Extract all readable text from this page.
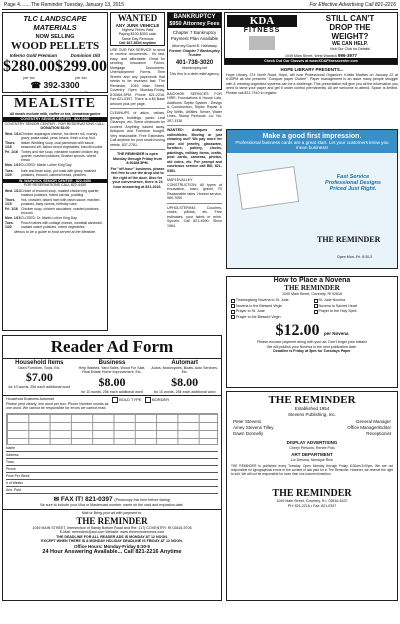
Page 4........The Reminder Tuesday, January 13, 2015	For Effective Advertising Call 821-2216
TLC LANDSCAPE MATERIALS
NOW SELLING
WOOD PELLETS
Inferno Gold Premium	Dominion Old
$280.00 $299.00
per ton	per ton
☎ 392-3300
309 Mishnock Road, West Greenwich, RI
WANTED
ANY JUNK VEHICLE
Highest Prices Paid
Paying $100-$300 cash
Same Day Removal
Call 487-8694 anytime
BANKRUPTCY
$950 Attorney Fees
Chapter 7 Bankruptcy
Payment Plan Available
Attorney David B. Hathaway
Former Chapter 7 Bankruptcy Trustee
401-738-3020
ribankruptcy.net
This firm is a debt relief agency.
KDA
FITNESS
STILL CAN'T
DROP THE
WEIGHT?
WE CAN HELP.
Visit Our Club for Details!
1049 Main Street, West Warwick 996-3977
Check Out Our Classes at www.KDAFitnesscenter.com
MEALSITE
All meals include milk, coffee or tea, bread/margarine
COVENTRY SENIOR CENTER - 822-9160
COVENTRY SENIOR CENTER - FOR RESERVATIONS CALL:
DONATION $3.00
Wed. 1/14 Chicken asparagus cheese, hot dinner roll, country gravy, pasta salad, peas, beans, fresh cut up fruit.
Thurs. 1/15
Italian Wedding soup, oval parmesan with sauce, seasoned ziti, Italian mixed vegetables, biscotti cookie.
Fri. 1/16 Turkey and rice soup, rotisserie roasted chicken leg quarter, mashed potatoes, Brussel sprouts, wheat bread.
Mon. 1/19 CLOSED: Martin Luther King Day.
Tues. 1/20
Kale and bean soup, pot roast with gravy, mashed potatoes, broccoli, oatmeal bread, peaches.
W. WARWICK SENIOR CENTER - 822-4450
FOR RESERVATIONS CALL 822-4450
Wed. 1/14 Cream of broccoli soup, roasted chicken leg quarter, mashed potatoes, mixed carrots, pudding.
Thurs. 1/15
Hot, chowder, baked ham with raisin sauce, mashed potatoes, baby carrots, birthday cake.
Fri. 1/16 Chicken soup, chicken cacciatore, roasted potatoes, broccoli.
Mon. 1/19 CLOSED: Dr. Martin Luther King Day.
Tues. 1/20
Peach halves with cottage cheese, meatball sandwich, roasted sweet potatoes, mixed vegetables.
Menus to be a guide to food served at the Mealsite.
USE OUR FAX SERVICE to send or receive documents... it's fast, easy, and affordable. Great for sending Insurance Forms, Mortgage Documents, Unemployment Forms, Time Sheets and any paperwork that needs to be received fast. The Reminder, 1049 Main Street, Coventry Open Monday-Friday, 8:30AM-5PM. Phone 821-2216, Fax 821-0397. There is a $4 Base amount plus per page.
CLEANUPS of attics, cellars, garages, buildings, yards. Leaf Cleanups, etc. Some cleanouts for content. Anything hauled away. Antiques and Furniture bought. Very reasonable. Free Estimates. Call anytime for your small moving needs. 837-2761.
THE REMINDER is open Monday through Friday from 8:30AM-5PM.
For "off-hour" business, please feel free to use the drop slot to the right of the door. Also for your convenience, there is 24 hour answering at 821-2216.
BACKHOE SERVICES FOR HIRE: Foundations & House Lots, Additions, Septic System - Design & Construction, Septic Repair & Dry Wells, Utilities, Sewer, Water Lines, Stump Removal. Lic. No. 397-3336
WANTED: Antiques and collectibles. Moving or just cleaning out? We pay more for your old jewelry, glassware, furniture, pottery, clocks, paintings, military items, crafts, post cards, cameras, photos, old coins, etc. For prompt and courteous service call Bill, 821-0381.
MAPLEVALLEY CONSTRUCTION: All types of excavation, loam, gravel, RI Reasonable rates. Honest service. 569-7050
UPHOLSTERING: Couches, chairs, pillows, etc. Free estimates, your fabric or mine. Sylvia's. Call 821-4990. Since 1984.
HOPE LIBRARY PRESENTS...
Hope Library, 374 North Road, Hope, will host Professional Organizer, Kristin Madfan on January 22 at 6:30PM as she presents "Conquer paper Clutter!". Paper management is an issue many people struggle with & creating organized systems can be a challenge. This presentation will give you all the information you need to tame your paper and get it under control permanently. All are welcome to attend. Space is limited. Please call 821-7910 to register.
Make a good first impression.
Professional business cards are a great start. Let your customers know you mean business!
Fast Service
Professional Designs
Priced Just Right.
THE REMINDER
Open Mon.-Fri. 8:30-5
Reader Ad Form
Household Items
Used Furniture, Tools, Etc.
$7.00
for 10 words, 25¢ each additional word
Business
Help Wanted, Yard Sales, Wood For Sale, Real Estate Home Improvement, Etc.
$8.00
for 10 words, 25¢ each additional word
Automart
Autos, Motorcycles, Boats, Auto Services, Etc.
$8.00
for 10 words, 25¢ each additional word
Household Business Automart
Please print clearly, one word per box. Phone Number counts as one word. We cannot be responsible for errors we cannot read.
BOLD TYPE	BORDER
Name
Address
Town
Phone
Price Per Week
# of Weeks
Amt. Paid
✉ FAX IT! 821-0397 (Photocopy this form before faxing)
Be sure to include your Visa or Mastercard number, name on the card and expiration date.
Mail or Bring your ad with payment to:
THE REMINDER
1049 MAIN STREET, Intersection of Sandy Bottom Road and Rte. 117) COVENTRY, RI 02816-5706
E-Mail: reminderri@aol.com Website: www.theremindernews.com
THE DEADLINE FOR ALL READER ADS IS MONDAY AT 12 NOON.
EXCEPT WHEN THERE IS A MONDAY HOLIDAY DEADLINE IS FRIDAY AT 12 NOON.
Office Hours: Monday-Friday 8:30-5
24 Hour Answering Available... Call 821-2216 Anytime
How to Place a Novena
THE REMINDER
1049 Main Street, Coventry, RI 02816
Thanksgiving Novena to St. Jude	St. Jude Novena
Novena to the Blessed Virgin	Novena to Sacred Heart
Prayer to St. Jude	Prayer to the Holy Spirit
Prayer to the Blessed Virgin
$12.00 per Novena
Please enclose payment along with your ad. Don't forget your initials!
We will publish your Novena in the next publication date.
Deadline is Friday at 5pm for Tuesdays Paper
THE REMINDER
Established 1954
Stevens Publishing, Inc.
Peter Stevens	General Manager
Amey Stevens Tilley	Office Manager/Editor
Dawn Donnelly	Receptionist
DISPLAY ADVERTISING
Cheryl Persons, Renee Polo
ART DEPARTMENT
Liz Devona, Monique Rice
THE REMINDER is published every Tuesday. Open Monday through Friday 8:30am-5:00pm. We are not responsible for typographical errors or the content of ads paid for in The Reminder. However, we reserve the right to edit. We will not be responsible for more than one incorrect insertion.
THE REMINDER
1049 Main Street, Coventry, R.I. 02816-6437
PH: 821-2216 • Fax: 821-0397
